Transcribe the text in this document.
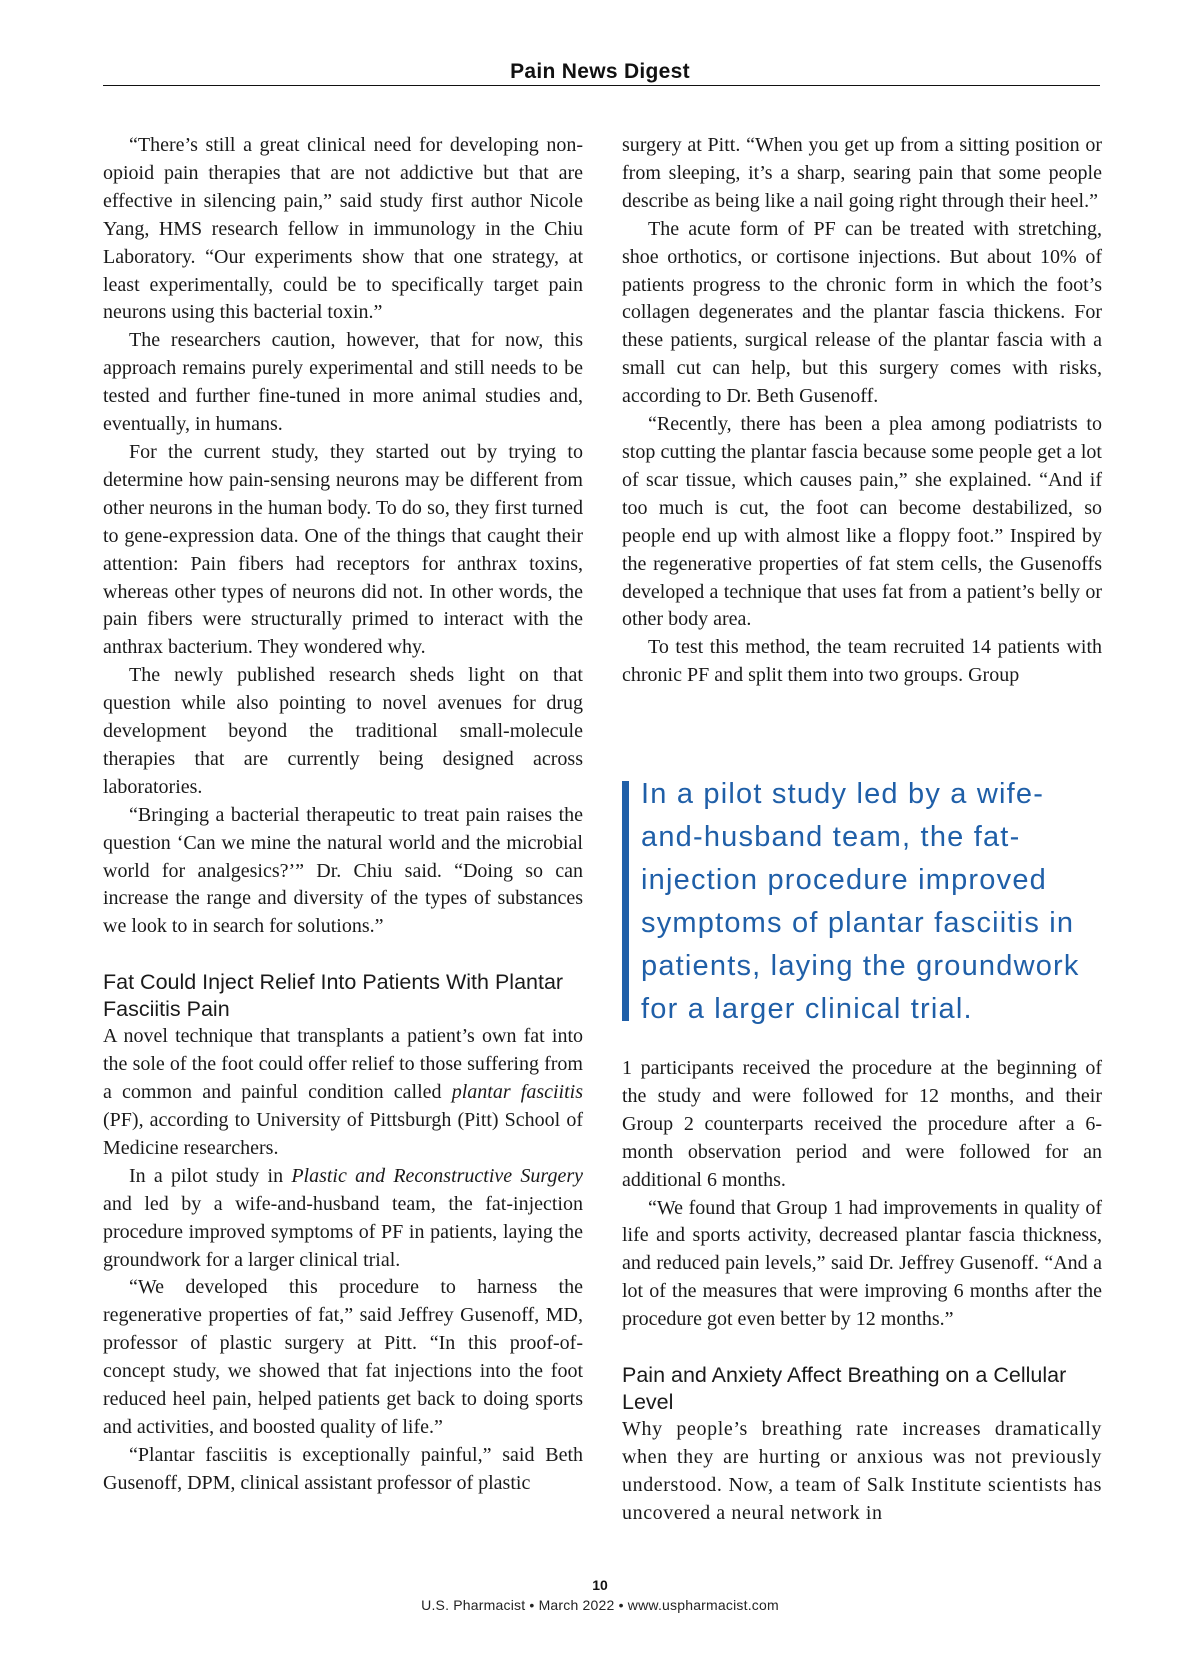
Pain News Digest

“There’s still a great clinical need for developing non-opioid pain therapies that are not addictive but that are effective in silencing pain,” said study first author Nicole Yang, HMS research fellow in immunology in the Chiu Laboratory. “Our experiments show that one strategy, at least experimentally, could be to specifically target pain neurons using this bacterial toxin.”

The researchers caution, however, that for now, this approach remains purely experimental and still needs to be tested and further fine-tuned in more animal studies and, eventually, in humans.

For the current study, they started out by trying to determine how pain-sensing neurons may be different from other neurons in the human body. To do so, they first turned to gene-expression data. One of the things that caught their attention: Pain fibers had receptors for anthrax toxins, whereas other types of neurons did not. In other words, the pain fibers were structurally primed to interact with the anthrax bacterium. They wondered why.

The newly published research sheds light on that question while also pointing to novel avenues for drug development beyond the traditional small-molecule therapies that are currently being designed across laboratories.

“Bringing a bacterial therapeutic to treat pain raises the question ‘Can we mine the natural world and the microbial world for analgesics?’” Dr. Chiu said. “Doing so can increase the range and diversity of the types of substances we look to in search for solutions.”

Fat Could Inject Relief Into Patients With Plantar Fasciitis Pain

A novel technique that transplants a patient’s own fat into the sole of the foot could offer relief to those suffering from a common and painful condition called plantar fasciitis (PF), according to University of Pittsburgh (Pitt) School of Medicine researchers.

In a pilot study in Plastic and Reconstructive Surgery and led by a wife-and-husband team, the fat-injection procedure improved symptoms of PF in patients, laying the groundwork for a larger clinical trial.

“We developed this procedure to harness the regenerative properties of fat,” said Jeffrey Gusenoff, MD, professor of plastic surgery at Pitt. “In this proof-of-concept study, we showed that fat injections into the foot reduced heel pain, helped patients get back to doing sports and activities, and boosted quality of life.”

“Plantar fasciitis is exceptionally painful,” said Beth Gusenoff, DPM, clinical assistant professor of plastic

surgery at Pitt. “When you get up from a sitting position or from sleeping, it’s a sharp, searing pain that some people describe as being like a nail going right through their heel.”

The acute form of PF can be treated with stretching, shoe orthotics, or cortisone injections. But about 10% of patients progress to the chronic form in which the foot’s collagen degenerates and the plantar fascia thickens. For these patients, surgical release of the plantar fascia with a small cut can help, but this surgery comes with risks, according to Dr. Beth Gusenoff.

“Recently, there has been a plea among podiatrists to stop cutting the plantar fascia because some people get a lot of scar tissue, which causes pain,” she explained. “And if too much is cut, the foot can become destabilized, so people end up with almost like a floppy foot.” Inspired by the regenerative properties of fat stem cells, the Gusenoffs developed a technique that uses fat from a patient’s belly or other body area.

To test this method, the team recruited 14 patients with chronic PF and split them into two groups. Group

In a pilot study led by a wife-and-husband team, the fat-injection procedure improved symptoms of plantar fasciitis in patients, laying the groundwork for a larger clinical trial.

1 participants received the procedure at the beginning of the study and were followed for 12 months, and their Group 2 counterparts received the procedure after a 6-month observation period and were followed for an additional 6 months.

“We found that Group 1 had improvements in quality of life and sports activity, decreased plantar fascia thickness, and reduced pain levels,” said Dr. Jeffrey Gusenoff. “And a lot of the measures that were improving 6 months after the procedure got even better by 12 months.”

Pain and Anxiety Affect Breathing on a Cellular Level

Why people’s breathing rate increases dramatically when they are hurting or anxious was not previously understood. Now, a team of Salk Institute scientists has uncovered a neural network in

10
U.S. Pharmacist • March 2022 • www.uspharmacist.com
